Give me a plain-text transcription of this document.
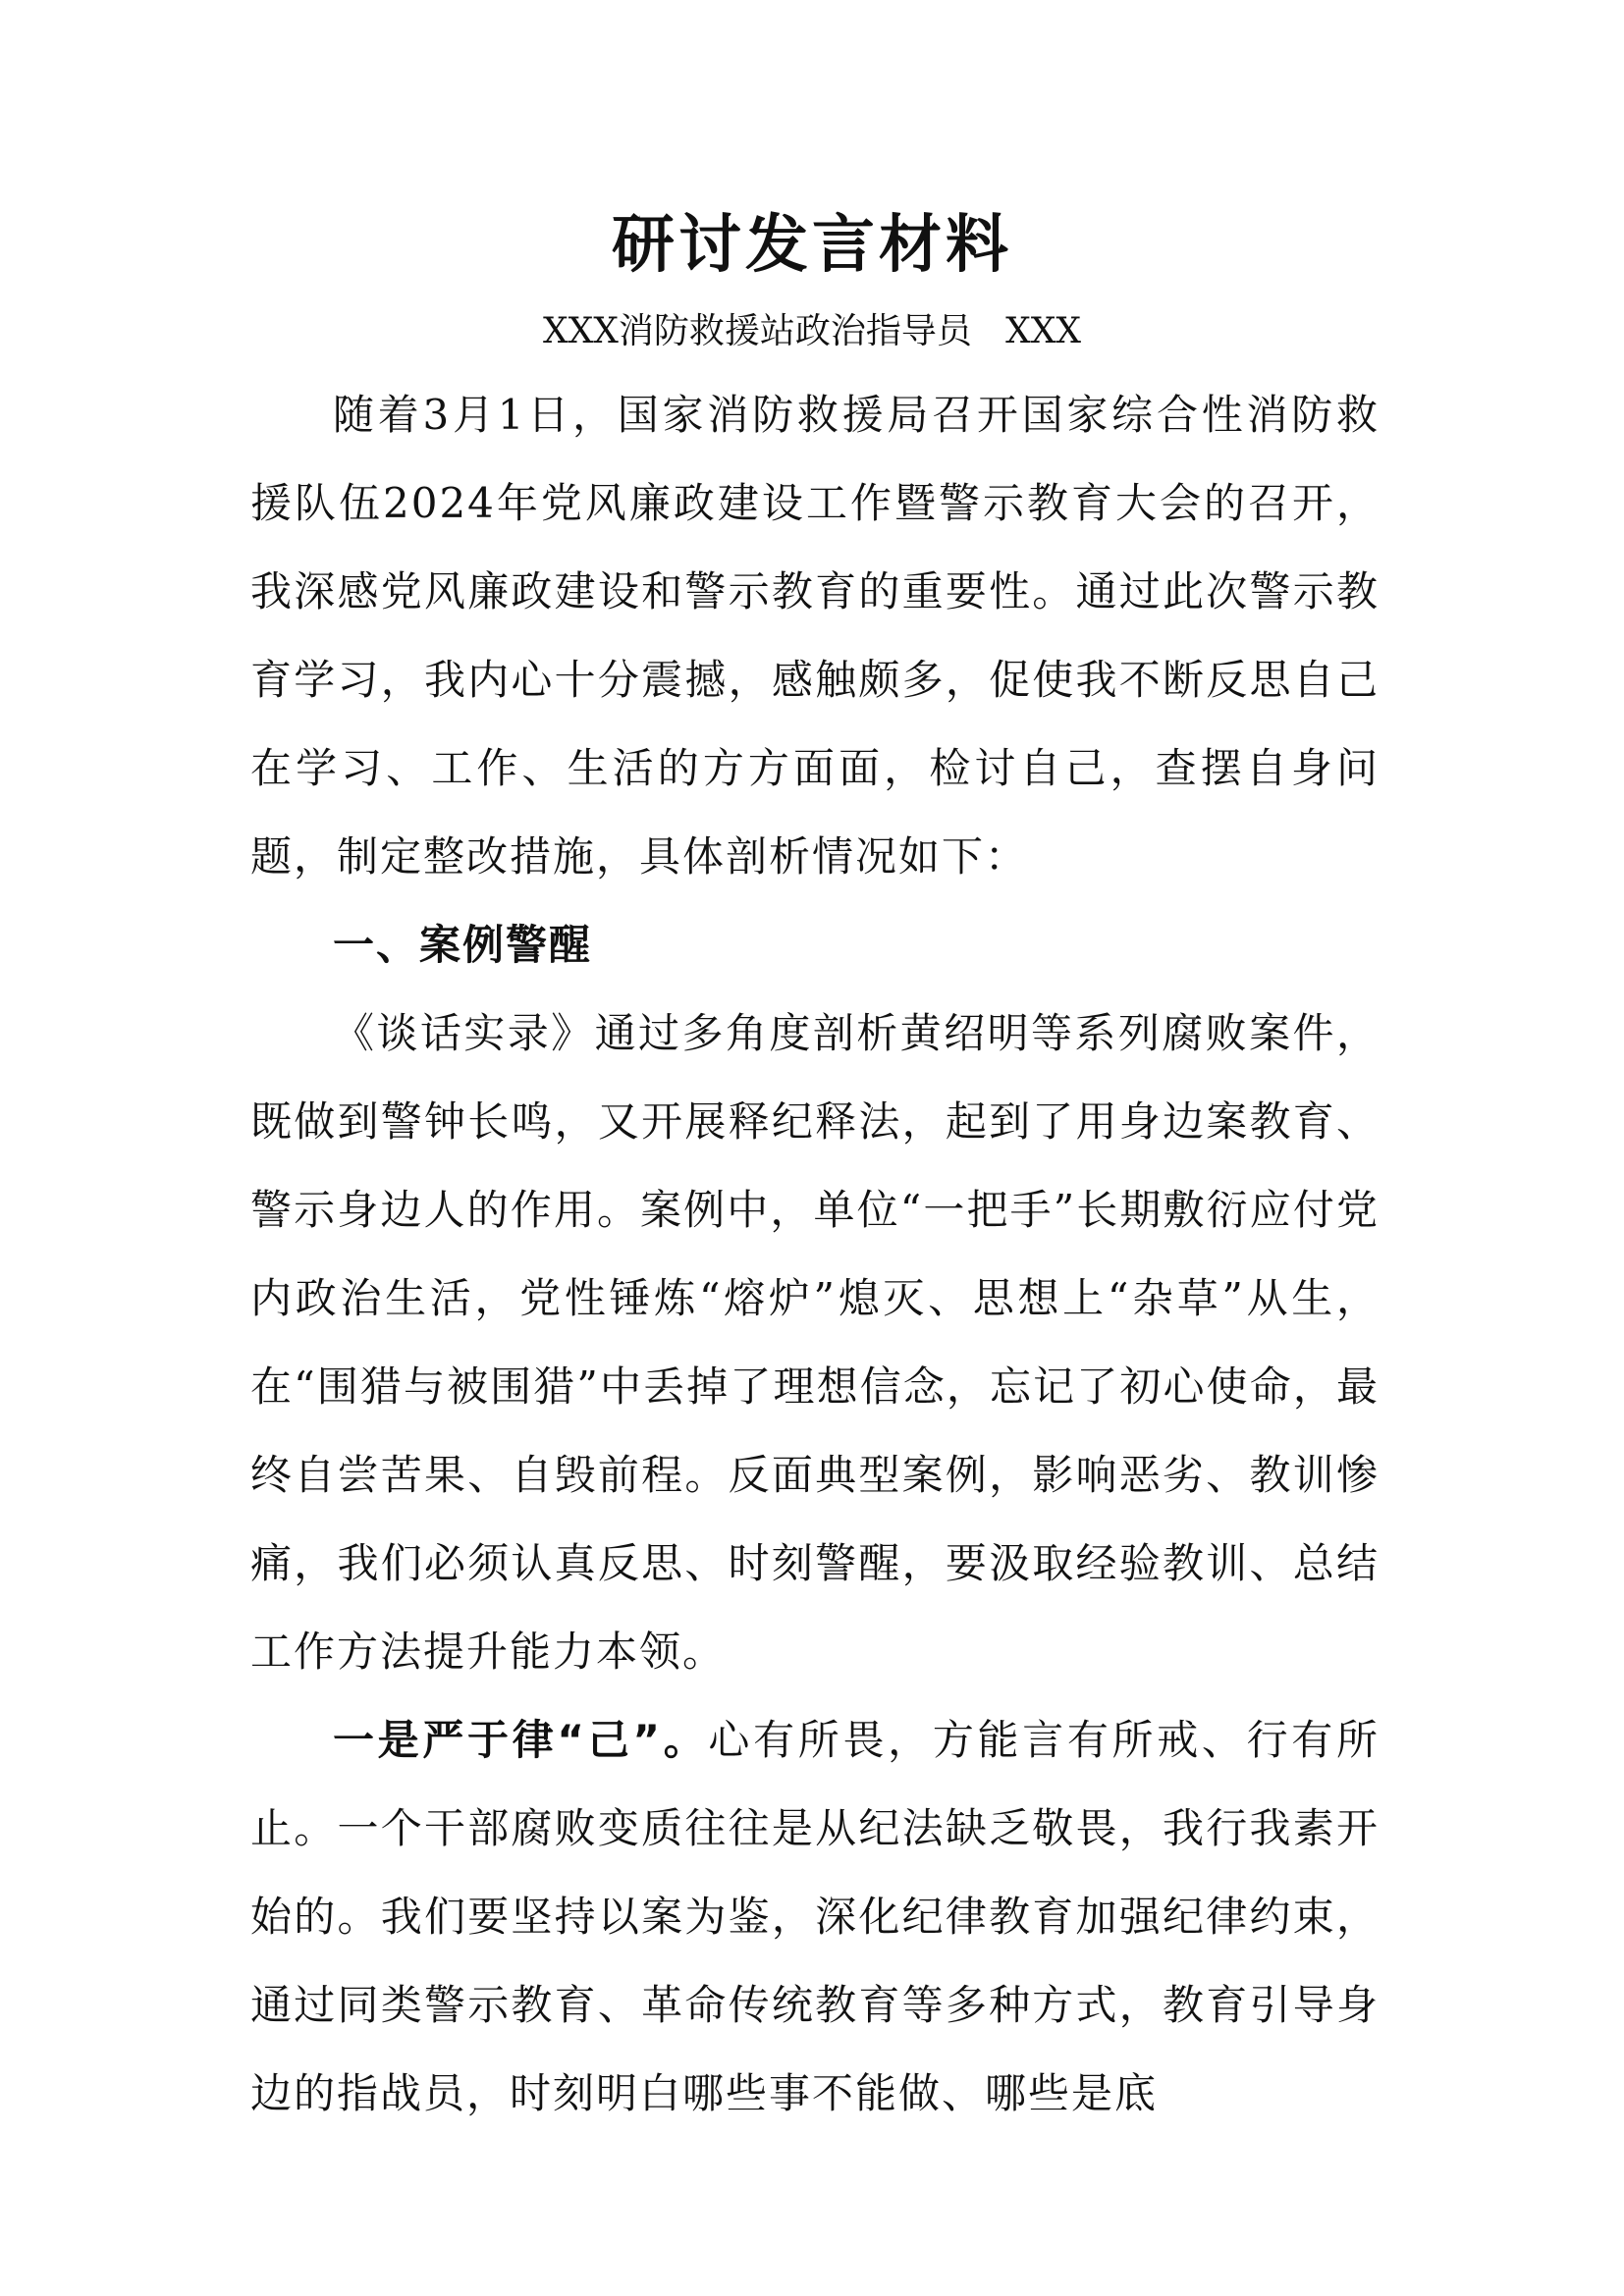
研讨发言材料
XXX消防救援站政治指导员   XXX

随着3月1日，国家消防救援局召开国家综合性消防救援队伍2024年党风廉政建设工作暨警示教育大会的召开，我深感党风廉政建设和警示教育的重要性。通过此次警示教育学习，我内心十分震撼，感触颇多，促使我不断反思自己在学习、工作、生活的方方面面，检讨自己，查摆自身问题，制定整改措施，具体剖析情况如下：

一、案例警醒

《谈话实录》通过多角度剖析黄绍明等系列腐败案件，既做到警钟长鸣，又开展释纪释法，起到了用身边案教育、警示身边人的作用。案例中，单位“一把手”长期敷衍应付党内政治生活，党性锤炼“熔炉”熄灭、思想上“杂草”从生，在“围猎与被围猎”中丢掉了理想信念，忘记了初心使命，最终自尝苦果、自毁前程。反面典型案例，影响恶劣、教训惨痛，我们必须认真反思、时刻警醒，要汲取经验教训、总结工作方法提升能力本领。

一是严于律“己”。心有所畏，方能言有所戒、行有所止。一个干部腐败变质往往是从纪法缺乏敬畏，我行我素开始的。我们要坚持以案为鉴，深化纪律教育加强纪律约束，通过同类警示教育、革命传统教育等多种方式，教育引导身边的指战员，时刻明白哪些事不能做、哪些是底
